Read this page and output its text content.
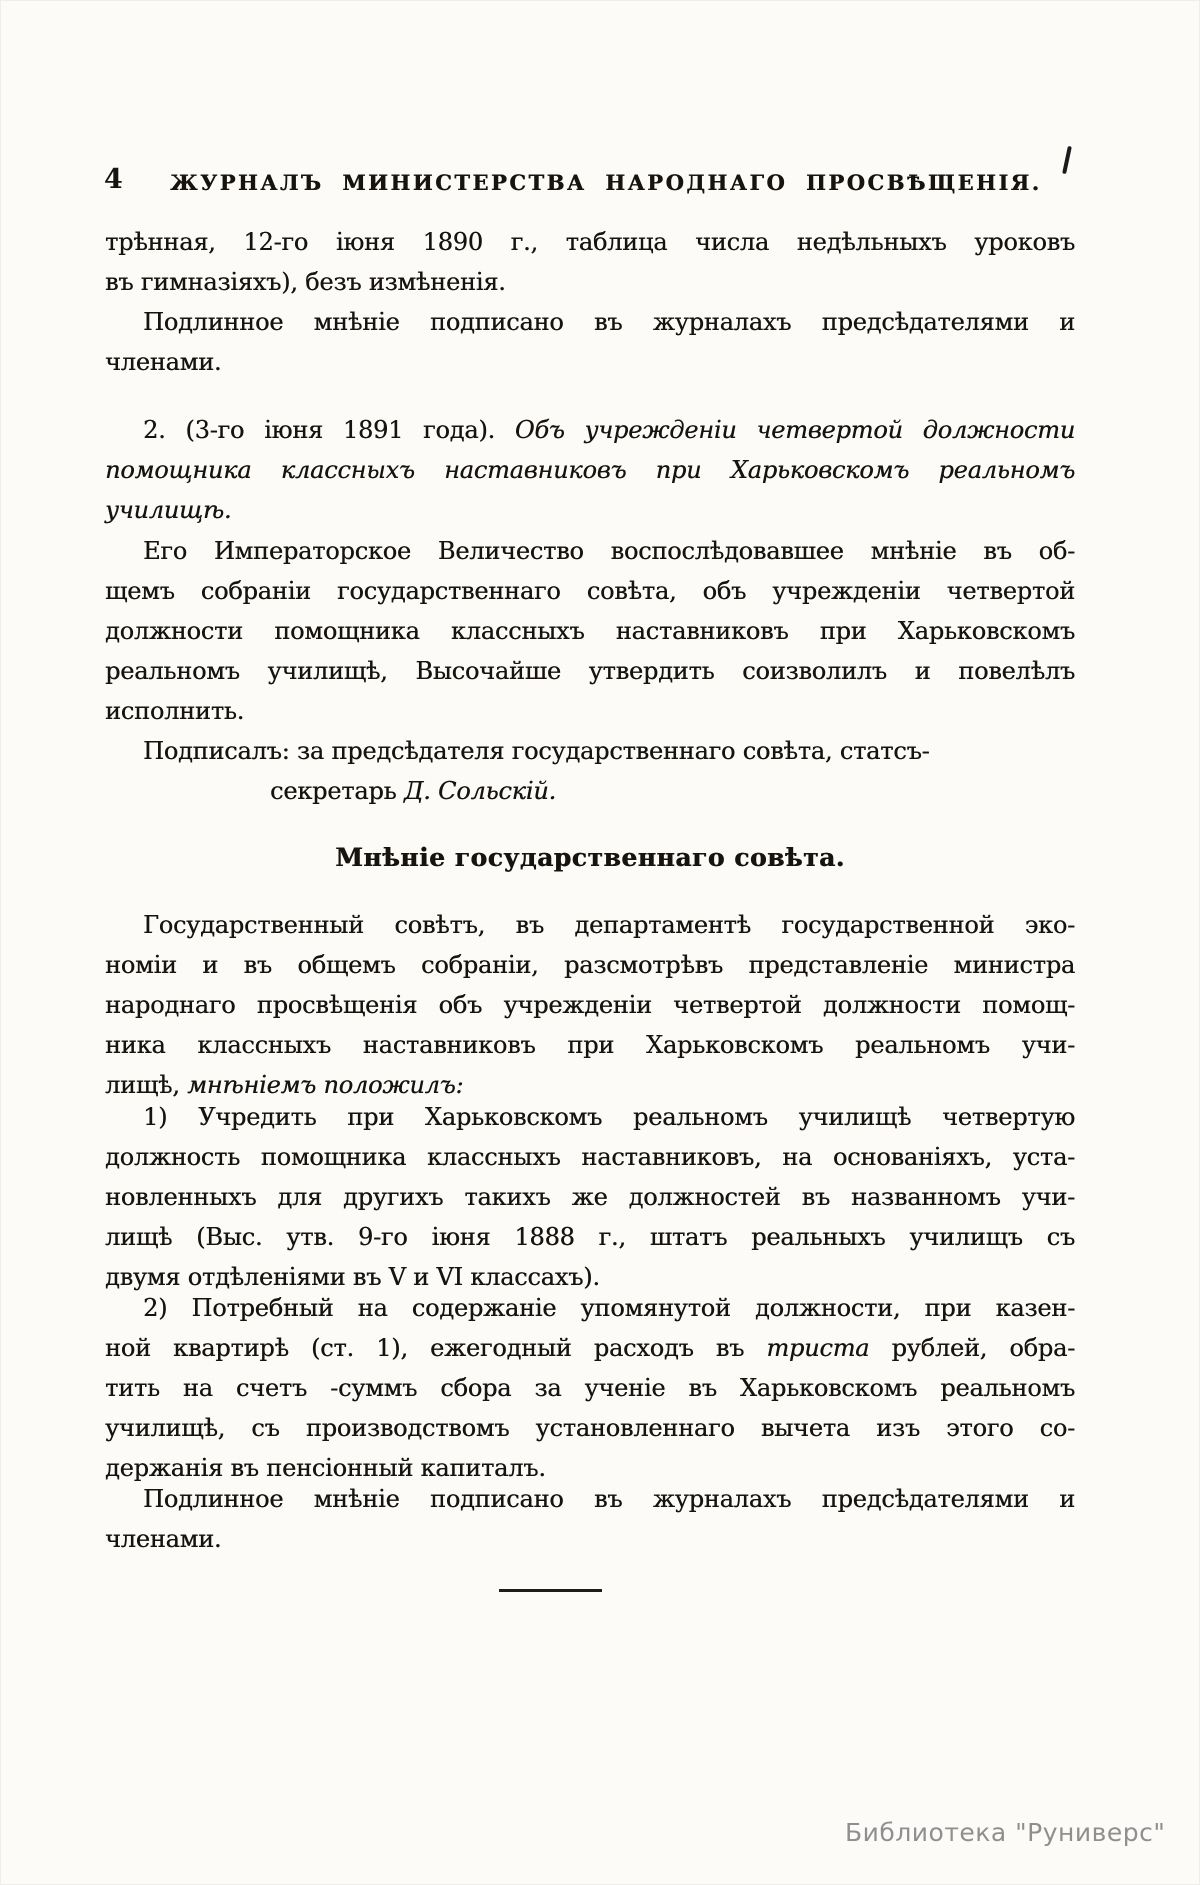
4 ЖУРНАЛЪ МИНИСТЕРСТВА НАРОДНАГО ПРОСВѢЩЕНІЯ.
трѣнная, 12-го іюня 1890 г., таблица числа недѣльныхъ уроковъ
въ гимназіяхъ), безъ измѣненія.
Подлинное мнѣніе подписано въ журналахъ предсѣдателями и
членами.
2. (3-го іюня 1891 года). Объ учрежденіи четвертой должности
помощника классныхъ наставниковъ при Харьковскомъ реальномъ
училищѣ.
Его Императорское Величество воспослѣдовавшее мнѣніе въ об-
щемъ собраніи государственнаго совѣта, объ учрежденіи четвертой
должности помощника классныхъ наставниковъ при Харьковскомъ
реальномъ училищѣ, Высочайше утвердить соизволилъ и повелѣлъ
исполнить.
Подписалъ: за предсѣдателя государственнаго совѣта, статсъ-
секретарь Д. Сольскій.
Мнѣніе государственнаго совѣта.
Государственный совѣтъ, въ департаментѣ государственной эко-
номіи и въ общемъ собраніи, разсмотрѣвъ представленіе министра
народнаго просвѣщенія объ учрежденіи четвертой должности помощ-
ника классныхъ наставниковъ при Харьковскомъ реальномъ учи-
лищѣ, мнѣніемъ положилъ:
1) Учредить при Харьковскомъ реальномъ училищѣ четвертую
должность помощника классныхъ наставниковъ, на основаніяхъ, уста-
новленныхъ для другихъ такихъ же должностей въ названномъ учи-
лищѣ (Выс. утв. 9-го іюня 1888 г., штатъ реальныхъ училищъ съ
двумя отдѣленіями въ V и VI классахъ).
2) Потребный на содержаніе упомянутой должности, при казен-
ной квартирѣ (ст. 1), ежегодный расходъ въ триста рублей, обра-
тить на счетъ -суммъ сбора за ученіе въ Харьковскомъ реальномъ
училищѣ, съ производствомъ установленнаго вычета изъ этого со-
держанія въ пенсіонный капиталъ.
Подлинное мнѣніе подписано въ журналахъ предсѣдателями и
членами.
Библиотека "Руниверс"
